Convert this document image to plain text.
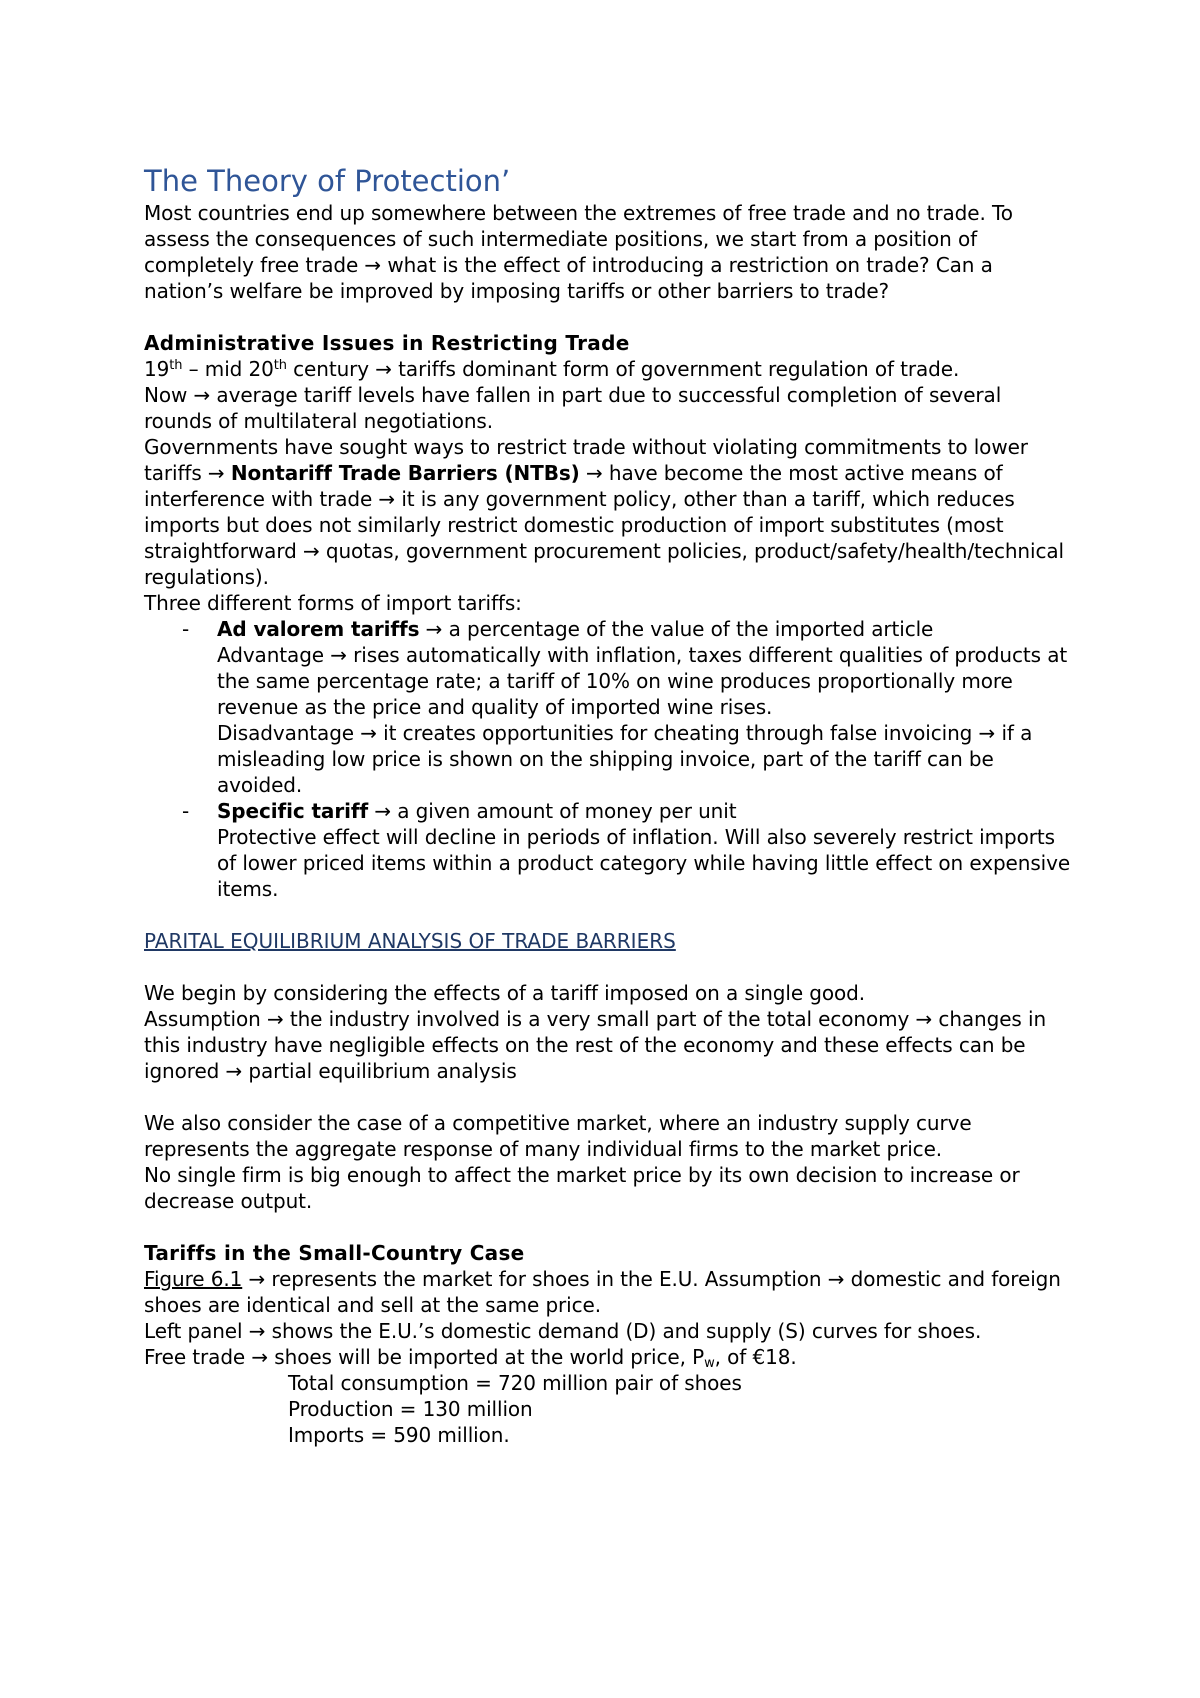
The Theory of Protection’

Most countries end up somewhere between the extremes of free trade and no trade. To assess the consequences of such intermediate positions, we start from a position of completely free trade → what is the effect of introducing a restriction on trade? Can a nation’s welfare be improved by imposing tariffs or other barriers to trade?

Administrative Issues in Restricting Trade

19th – mid 20th century → tariffs dominant form of government regulation of trade.

Now → average tariff levels have fallen in part due to successful completion of several rounds of multilateral negotiations.

Governments have sought ways to restrict trade without violating commitments to lower tariffs → Nontariff Trade Barriers (NTBs) → have become the most active means of interference with trade → it is any government policy, other than a tariff, which reduces imports but does not similarly restrict domestic production of import substitutes (most straightforward → quotas, government procurement policies, product/safety/health/technical regulations).

Three different forms of import tariffs:

- Ad valorem tariffs → a percentage of the value of the imported article

Advantage → rises automatically with inflation, taxes different qualities of products at the same percentage rate; a tariff of 10% on wine produces proportionally more revenue as the price and quality of imported wine rises.

Disadvantage → it creates opportunities for cheating through false invoicing → if a misleading low price is shown on the shipping invoice, part of the tariff can be avoided.

- Specific tariff → a given amount of money per unit

Protective effect will decline in periods of inflation. Will also severely restrict imports of lower priced items within a product category while having little effect on expensive items.

PARITAL EQUILIBRIUM ANALYSIS OF TRADE BARRIERS

We begin by considering the effects of a tariff imposed on a single good.

Assumption → the industry involved is a very small part of the total economy → changes in this industry have negligible effects on the rest of the economy and these effects can be ignored → partial equilibrium analysis

We also consider the case of a competitive market, where an industry supply curve represents the aggregate response of many individual firms to the market price.

No single firm is big enough to affect the market price by its own decision to increase or decrease output.

Tariffs in the Small-Country Case

Figure 6.1 → represents the market for shoes in the E.U. Assumption → domestic and foreign shoes are identical and sell at the same price.

Left panel → shows the E.U.’s domestic demand (D) and supply (S) curves for shoes.

Free trade → shoes will be imported at the world price, $P_w$, of €18.

Total consumption = 720 million pair of shoes

Production = 130 million

Imports = 590 million.
